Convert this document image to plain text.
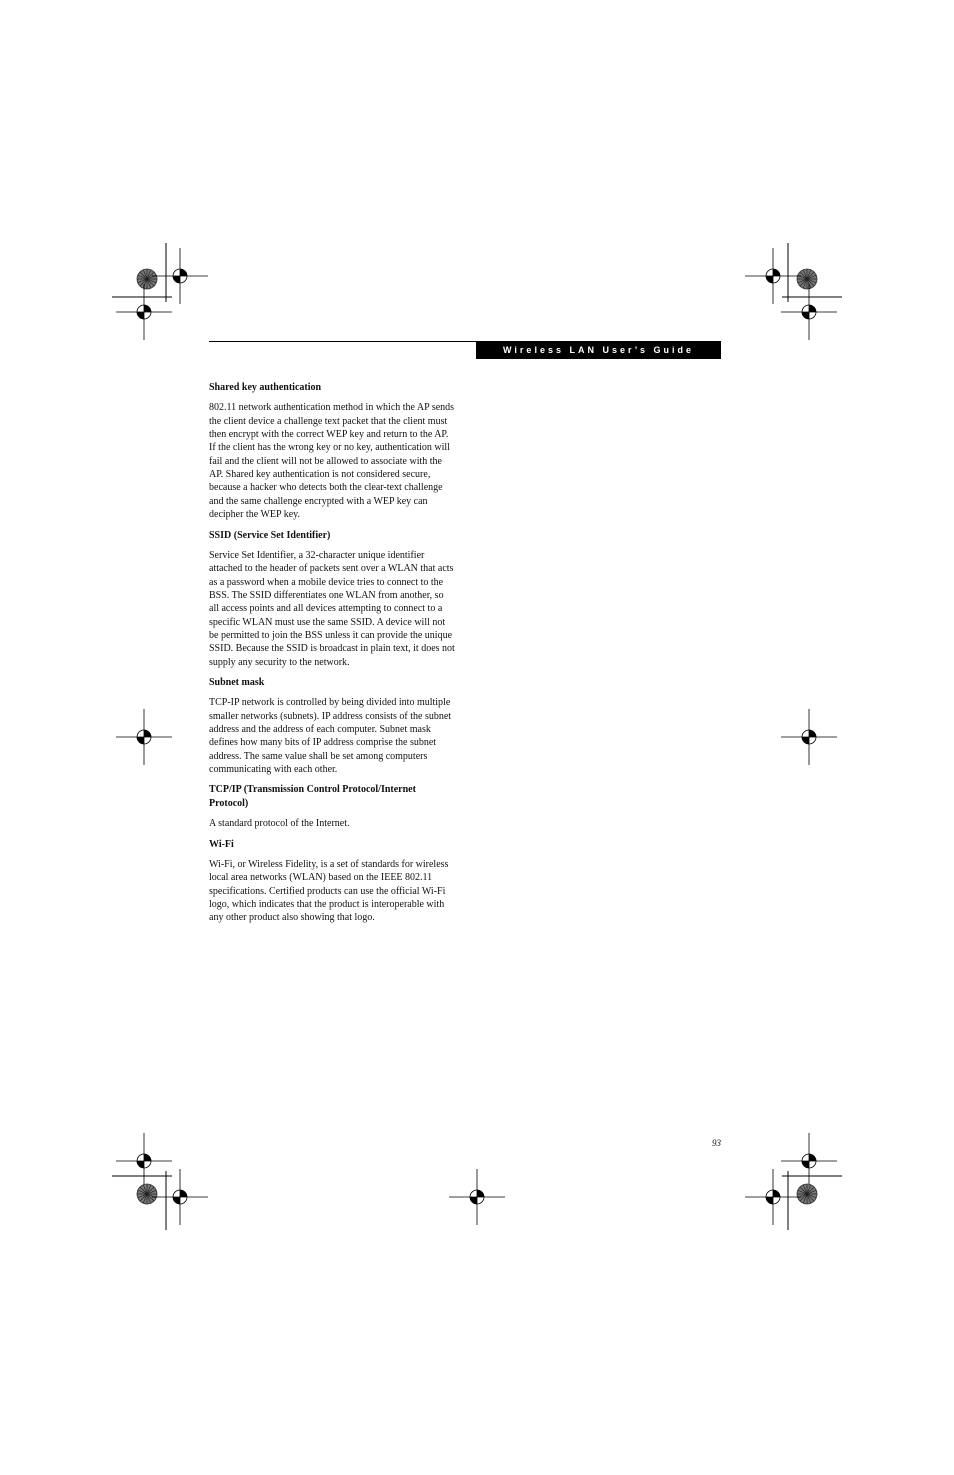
Wireless LAN User’s Guide
Shared key authentication
802.11 network authentication method in which the AP sends the client device a challenge text packet that the client must then encrypt with the correct WEP key and return to the AP. If the client has the wrong key or no key, authentication will fail and the client will not be allowed to associate with the AP. Shared key authentication is not considered secure, because a hacker who detects both the clear-text challenge and the same challenge encrypted with a WEP key can decipher the WEP key.
SSID (Service Set Identifier)
Service Set Identifier, a 32-character unique identifier attached to the header of packets sent over a WLAN that acts as a password when a mobile device tries to connect to the BSS. The SSID differentiates one WLAN from another, so all access points and all devices attempting to connect to a specific WLAN must use the same SSID. A device will not be permitted to join the BSS unless it can provide the unique SSID. Because the SSID is broadcast in plain text, it does not supply any security to the network.
Subnet mask
TCP-IP network is controlled by being divided into multiple smaller networks (subnets). IP address consists of the subnet address and the address of each computer. Subnet mask defines how many bits of IP address comprise the subnet address. The same value shall be set among computers communicating with each other.
TCP/IP (Transmission Control Protocol/Internet Protocol)
A standard protocol of the Internet.
Wi-Fi
Wi-Fi, or Wireless Fidelity, is a set of standards for wireless local area networks (WLAN) based on the IEEE 802.11 specifications. Certified products can use the official Wi-Fi logo, which indicates that the product is interoperable with any other product also showing that logo.
93
